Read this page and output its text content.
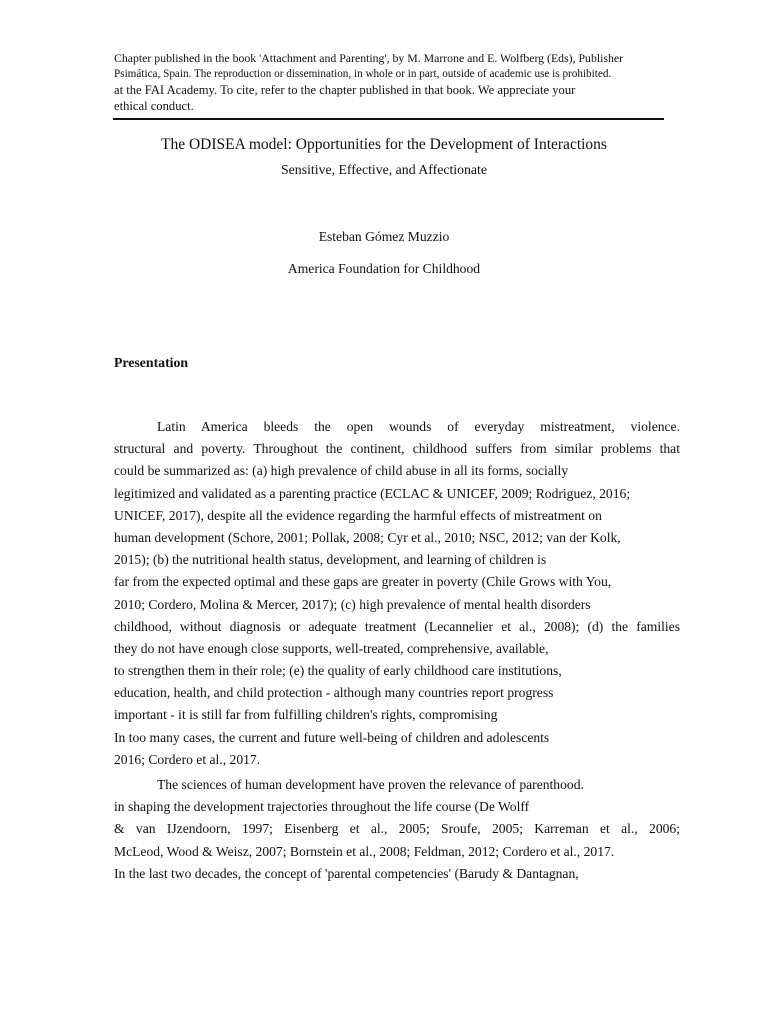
Chapter published in the book 'Attachment and Parenting', by M. Marrone and E. Wolfberg (Eds), Publisher
Psimática, Spain. The reproduction or dissemination, in whole or in part, outside of academic use is prohibited.
at the FAI Academy. To cite, refer to the chapter published in that book. We appreciate your
ethical conduct.
The ODISEA model: Opportunities for the Development of Interactions
Sensitive, Effective, and Affectionate
Esteban Gómez Muzzio
America Foundation for Childhood
Presentation
Latin America bleeds the open wounds of everyday mistreatment, violence.
structural and poverty. Throughout the continent, childhood suffers from similar problems that
could be summarized as: (a) high prevalence of child abuse in all its forms, socially
legitimized and validated as a parenting practice (ECLAC & UNICEF, 2009; Rodriguez, 2016;
UNICEF, 2017), despite all the evidence regarding the harmful effects of mistreatment on
human development (Schore, 2001; Pollak, 2008; Cyr et al., 2010; NSC, 2012; van der Kolk,
2015); (b) the nutritional health status, development, and learning of children is
far from the expected optimal and these gaps are greater in poverty (Chile Grows with You,
2010; Cordero, Molina & Mercer, 2017); (c) high prevalence of mental health disorders
childhood, without diagnosis or adequate treatment (Lecannelier et al., 2008); (d) the families
they do not have enough close supports, well-treated, comprehensive, available,
to strengthen them in their role; (e) the quality of early childhood care institutions,
education, health, and child protection - although many countries report progress
important - it is still far from fulfilling children's rights, compromising
In too many cases, the current and future well-being of children and adolescents
2016; Cordero et al., 2017.
The sciences of human development have proven the relevance of parenthood.
in shaping the development trajectories throughout the life course (De Wolff
& van IJzendoorn, 1997; Eisenberg et al., 2005; Sroufe, 2005; Karreman et al., 2006;
McLeod, Wood & Weisz, 2007; Bornstein et al., 2008; Feldman, 2012; Cordero et al., 2017.
In the last two decades, the concept of 'parental competencies' (Barudy & Dantagnan,
